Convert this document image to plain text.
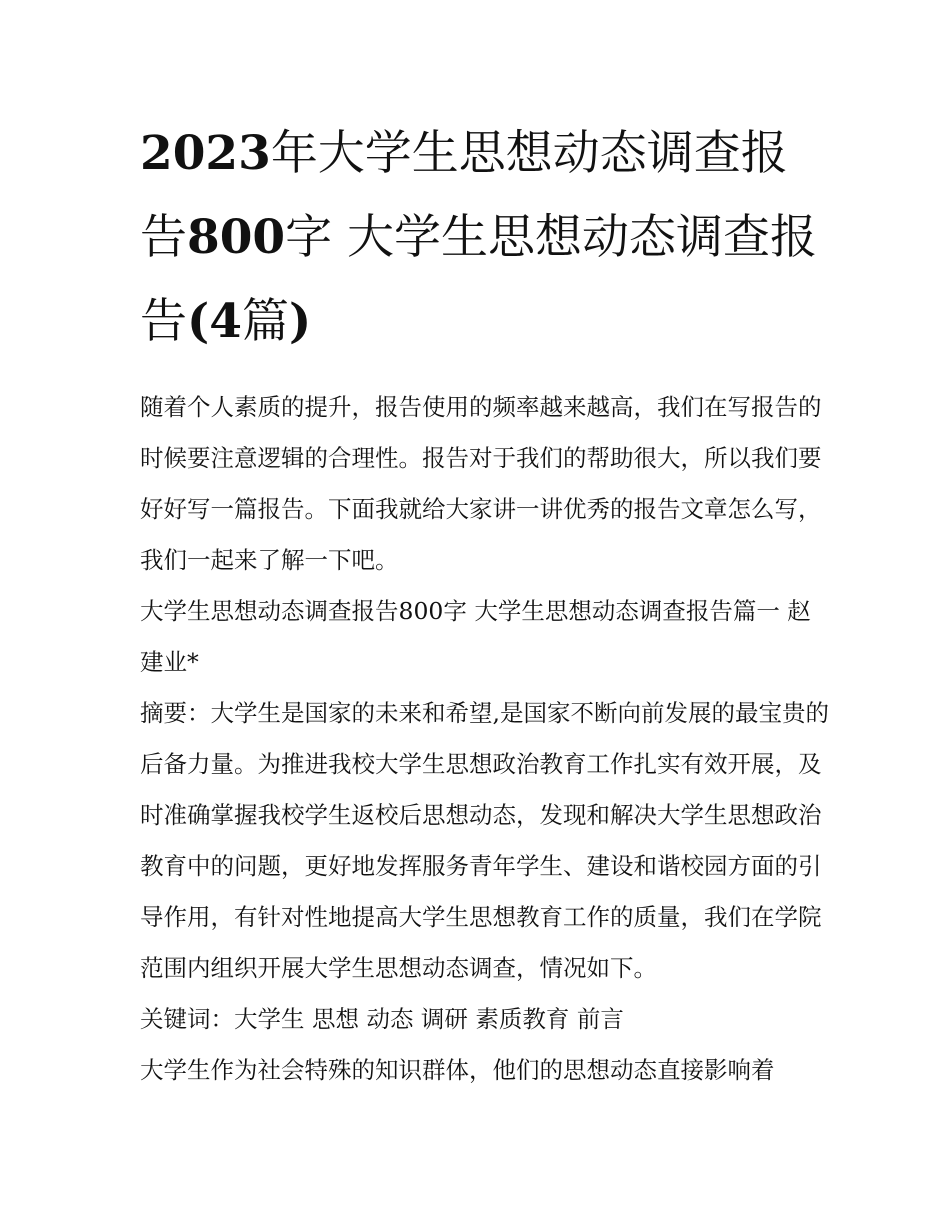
2023年大学生思想动态调查报告800字 大学生思想动态调查报告(4篇)

随着个人素质的提升，报告使用的频率越来越高，我们在写报告的时候要注意逻辑的合理性。报告对于我们的帮助很大，所以我们要好好写一篇报告。下面我就给大家讲一讲优秀的报告文章怎么写，我们一起来了解一下吧。

大学生思想动态调查报告800字 大学生思想动态调查报告篇一 赵建业*

摘要：大学生是国家的未来和希望,是国家不断向前发展的最宝贵的后备力量。为推进我校大学生思想政治教育工作扎实有效开展，及时准确掌握我校学生返校后思想动态，发现和解决大学生思想政治教育中的问题，更好地发挥服务青年学生、建设和谐校园方面的引导作用，有针对性地提高大学生思想教育工作的质量，我们在学院范围内组织开展大学生思想动态调查，情况如下。

关键词：大学生 思想 动态 调研 素质教育 前言

大学生作为社会特殊的知识群体，他们的思想动态直接影响着
